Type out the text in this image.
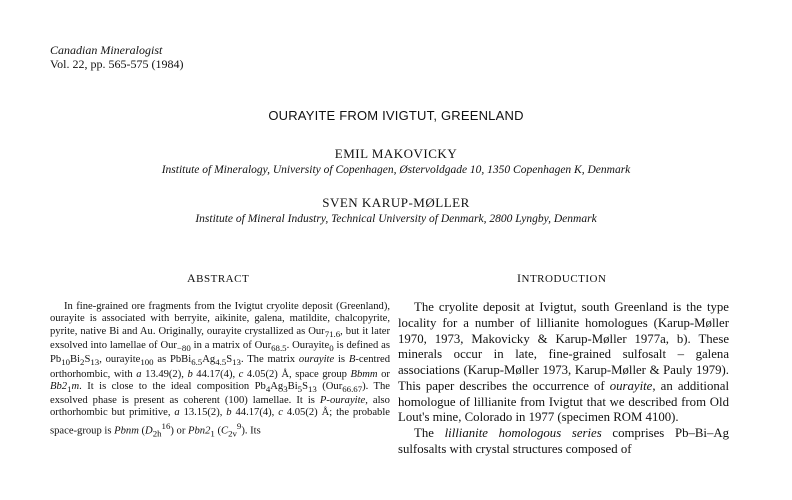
Canadian Mineralogist
Vol. 22, pp. 565-575 (1984)
OURAYITE FROM IVIGTUT, GREENLAND
EMIL MAKOVICKY
Institute of Mineralogy, University of Copenhagen, Østervoldgade 10, 1350 Copenhagen K, Denmark
SVEN KARUP-MØLLER
Institute of Mineral Industry, Technical University of Denmark, 2800 Lyngby, Denmark
ABSTRACT	INTRODUCTION

In fine-grained ore fragments from the Ivigtut cryolite deposit (Greenland), ourayite is associated with berryite, aikinite, galena, matildite, chalcopyrite, pyrite, native Bi and Au. Originally, ourayite crystallized as Our$_{71.6}$, but it later exsolved into lamellae of Our$_{-80}$ in a matrix of Our$_{68.5}$. Ourayite$_0$ is defined as $Pb_{10}Bi_2S_{13}$, ourayite$_{100}$ as $PbBi_{6.5}Ag_{4.5}S_{13}$. The matrix ourayite is B-centred orthorhombic, with a 13.49(2), b 44.17(4), c 4.05(2) Å, space group Bbmm or $Bb2_1m$. It is close to the ideal composition $Pb_4Ag_3Bi_5S_{13}$ (Our$_{66.67}$). The exsolved phase is present as coherent (100) lamellae. It is P-ourayite, also orthorhombic but primitive, a 13.15(2), b 44.17(4), c 4.05(2) Å; the probable space-group is Pbnm $(D_{2h}^{16})$ or $Pbn2_1$ $(C_{2v}^9)$. Its

The cryolite deposit at Ivigtut, south Greenland is the type locality for a number of lillianite homologues (Karup-Møller 1970, 1973, Makovicky & Karup-Møller 1977a, b). These minerals occur in late, fine-grained sulfosalt – galena associations (Karup-Møller 1973, Karup-Møller & Pauly 1979). This paper describes the occurrence of ourayite, an additional homologue of lillianite from Ivigtut that we described from Old Lout's mine, Colorado in 1977 (specimen ROM 4100).

The lillianite homologous series comprises Pb–Bi–Ag sulfosalts with crystal structures composed of
